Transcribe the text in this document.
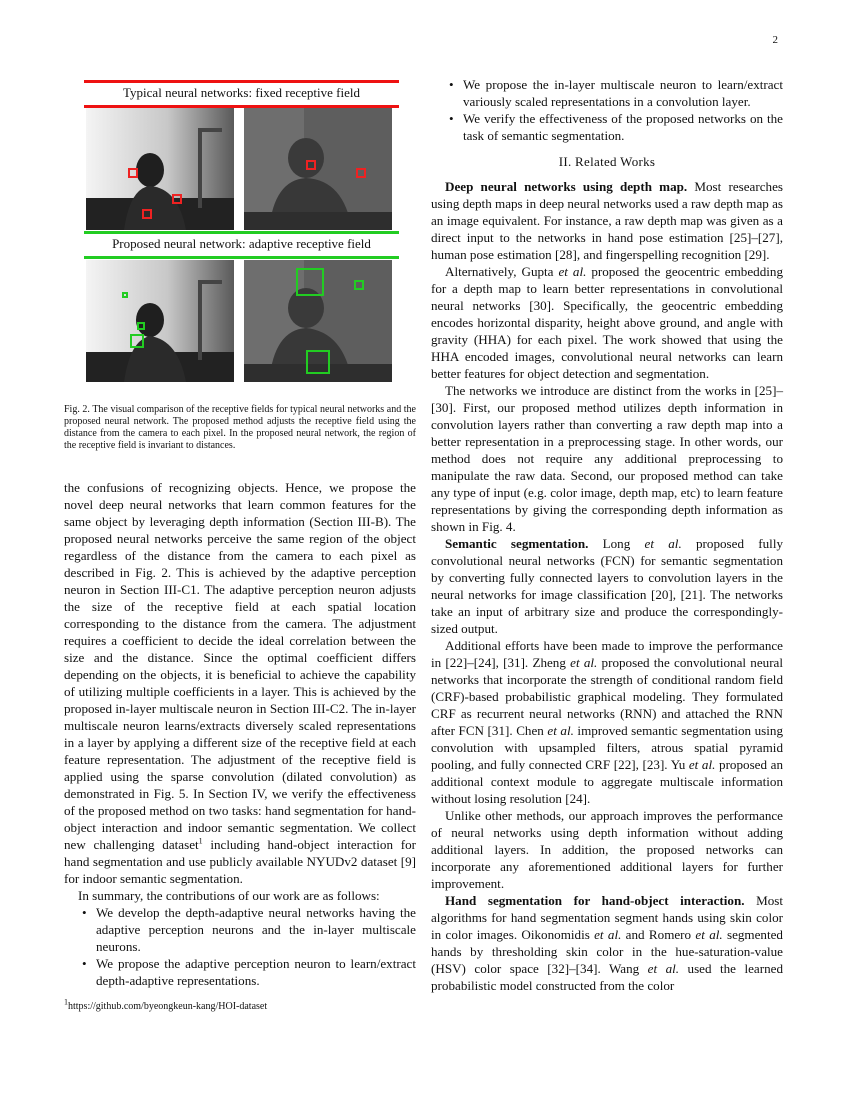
2
Typical neural networks: fixed receptive field
Proposed neural network: adaptive receptive field
Fig. 2. The visual comparison of the receptive fields for typical neural networks and the proposed neural network. The proposed method adjusts the receptive field using the distance from the camera to each pixel. In the proposed neural network, the region of the receptive field is invariant to distances.

the confusions of recognizing objects. Hence, we propose the novel deep neural networks that learn common features for the same object by leveraging depth information (Section III-B). The proposed neural networks perceive the same region of the object regardless of the distance from the camera to each pixel as described in Fig. 2. This is achieved by the adaptive perception neuron in Section III-C1. The adaptive perception neuron adjusts the size of the receptive field at each spatial location corresponding to the distance from the camera. The adjustment requires a coefficient to decide the ideal correlation between the size and the distance. Since the optimal coefficient differs depending on the objects, it is beneficial to achieve the capability of utilizing multiple coefficients in a layer. This is achieved by the proposed in-layer multiscale neuron in Section III-C2. The in-layer multiscale neuron learns/extracts diversely scaled representations in a layer by applying a different size of the receptive field at each feature representation. The adjustment of the receptive field is applied using the sparse convolution (dilated convolution) as demonstrated in Fig. 5. In Section IV, we verify the effectiveness of the proposed method on two tasks: hand segmentation for hand-object interaction and indoor semantic segmentation. We collect new challenging dataset$^1$ including hand-object interaction for hand segmentation and use publicly available NYUDv2 dataset [9] for indoor semantic segmentation.

In summary, the contributions of our work are as follows:

• We develop the depth-adaptive neural networks having the adaptive perception neurons and the in-layer multiscale neurons.
• We propose the adaptive perception neuron to learn/extract depth-adaptive representations.
$^1$https://github.com/byeongkeun-kang/HOI-dataset
• We propose the in-layer multiscale neuron to learn/extract variously scaled representations in a convolution layer.
• We verify the effectiveness of the proposed networks on the task of semantic segmentation.
II. Related Works

Deep neural networks using depth map. Most researches using depth maps in deep neural networks used a raw depth map as an image equivalent. For instance, a raw depth map was given as a direct input to the networks in hand pose estimation [25]–[27], human pose estimation [28], and fingerspelling recognition [29].

Alternatively, Gupta et al. proposed the geocentric embedding for a depth map to learn better representations in convolutional neural networks [30]. Specifically, the geocentric embedding encodes horizontal disparity, height above ground, and angle with gravity (HHA) for each pixel. The work showed that using the HHA encoded images, convolutional neural networks can learn better features for object detection and segmentation.

The networks we introduce are distinct from the works in [25]–[30]. First, our proposed method utilizes depth information in convolution layers rather than converting a raw depth map into a better representation in a preprocessing stage. In other words, our method does not require any additional preprocessing to manipulate the raw data. Second, our proposed method can take any type of input (e.g. color image, depth map, etc) to learn feature representations by giving the corresponding depth information as shown in Fig. 4.

Semantic segmentation. Long et al. proposed fully convolutional neural networks (FCN) for semantic segmentation by converting fully connected layers to convolution layers in the neural networks for image classification [20], [21]. The networks take an input of arbitrary size and produce the correspondingly-sized output.

Additional efforts have been made to improve the performance in [22]–[24], [31]. Zheng et al. proposed the convolutional neural networks that incorporate the strength of conditional random field (CRF)-based probabilistic graphical modeling. They formulated CRF as recurrent neural networks (RNN) and attached the RNN after FCN [31]. Chen et al. improved semantic segmentation using convolution with upsampled filters, atrous spatial pyramid pooling, and fully connected CRF [22], [23]. Yu et al. proposed an additional context module to aggregate multiscale information without losing resolution [24].

Unlike other methods, our approach improves the performance of neural networks using depth information without adding additional layers. In addition, the proposed networks can incorporate any aforementioned additional layers for further improvement.

Hand segmentation for hand-object interaction. Most algorithms for hand segmentation segment hands using skin color in color images. Oikonomidis et al. and Romero et al. segmented hands by thresholding skin color in the hue-saturation-value (HSV) color space [32]–[34]. Wang et al. used the learned probabilistic model constructed from the color
